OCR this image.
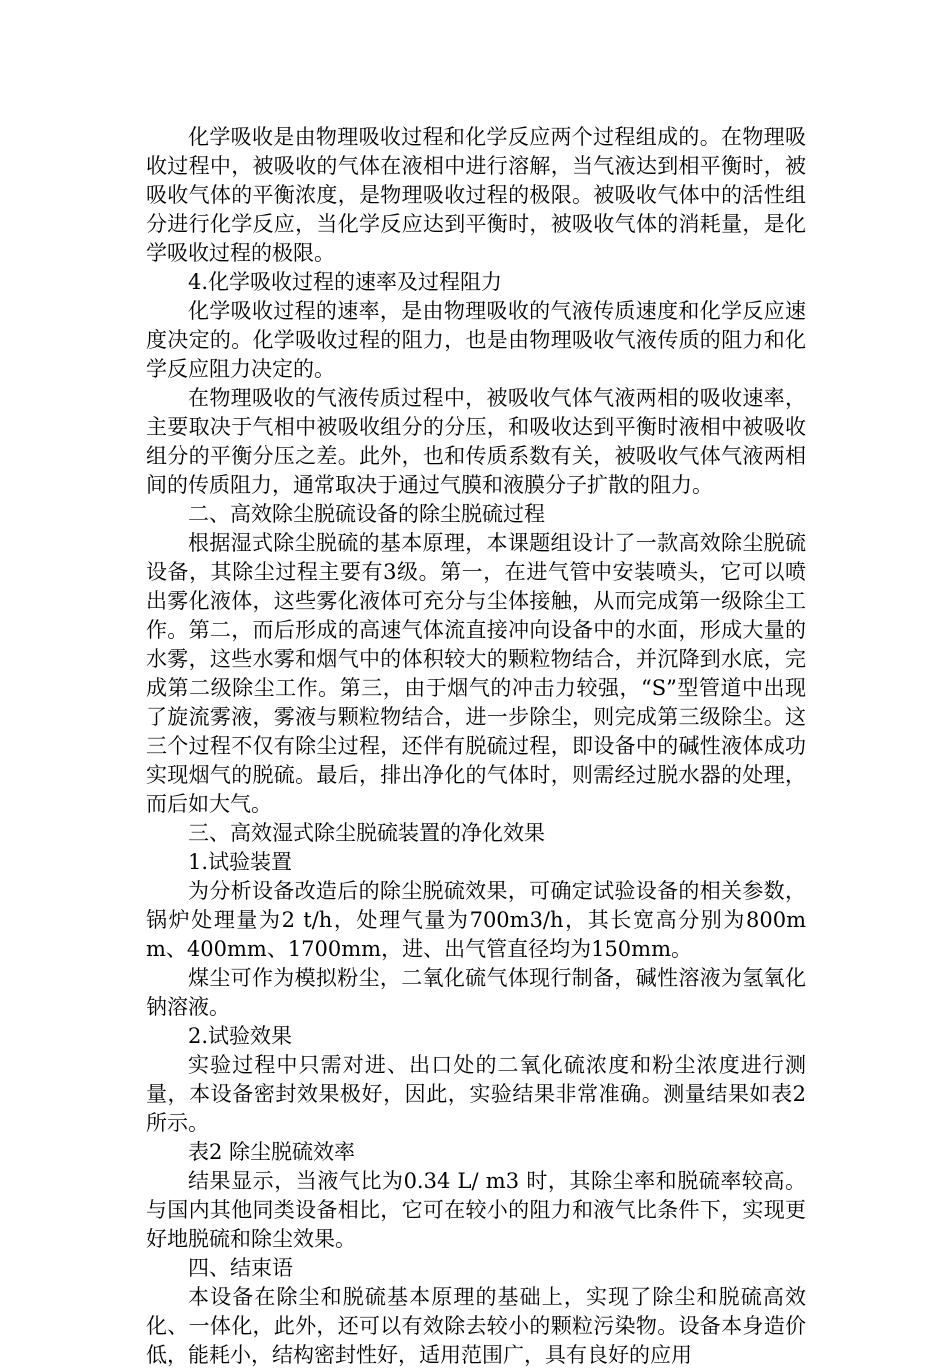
化学吸收是由物理吸收过程和化学反应两个过程组成的。在物理吸收过程中，被吸收的气体在液相中进行溶解，当气液达到相平衡时，被吸收气体的平衡浓度，是物理吸收过程的极限。被吸收气体中的活性组分进行化学反应，当化学反应达到平衡时，被吸收气体的消耗量，是化学吸收过程的极限。

4.化学吸收过程的速率及过程阻力

化学吸收过程的速率，是由物理吸收的气液传质速度和化学反应速度决定的。化学吸收过程的阻力，也是由物理吸收气液传质的阻力和化学反应阻力决定的。

在物理吸收的气液传质过程中，被吸收气体气液两相的吸收速率，主要取决于气相中被吸收组分的分压，和吸收达到平衡时液相中被吸收组分的平衡分压之差。此外，也和传质系数有关，被吸收气体气液两相间的传质阻力，通常取决于通过气膜和液膜分子扩散的阻力。

二、高效除尘脱硫设备的除尘脱硫过程

根据湿式除尘脱硫的基本原理，本课题组设计了一款高效除尘脱硫设备，其除尘过程主要有3级。第一，在进气管中安装喷头，它可以喷出雾化液体，这些雾化液体可充分与尘体接触，从而完成第一级除尘工作。第二，而后形成的高速气体流直接冲向设备中的水面，形成大量的水雾，这些水雾和烟气中的体积较大的颗粒物结合，并沉降到水底，完成第二级除尘工作。第三，由于烟气的冲击力较强，“S”型管道中出现了旋流雾液，雾液与颗粒物结合，进一步除尘，则完成第三级除尘。这三个过程不仅有除尘过程，还伴有脱硫过程，即设备中的碱性液体成功实现烟气的脱硫。最后，排出净化的气体时，则需经过脱水器的处理，而后如大气。

三、高效湿式除尘脱硫装置的净化效果

1.试验装置

为分析设备改造后的除尘脱硫效果，可确定试验设备的相关参数，锅炉处理量为2 t/h，处理气量为700m3/h，其长宽高分别为800mm、400mm、1700mm，进、出气管直径均为150mm。

煤尘可作为模拟粉尘，二氧化硫气体现行制备，碱性溶液为氢氧化钠溶液。

2.试验效果

实验过程中只需对进、出口处的二氧化硫浓度和粉尘浓度进行测量，本设备密封效果极好，因此，实验结果非常准确。测量结果如表2所示。

表2 除尘脱硫效率

结果显示，当液气比为0.34 L/ m3 时，其除尘率和脱硫率较高。与国内其他同类设备相比，它可在较小的阻力和液气比条件下，实现更好地脱硫和除尘效果。

四、结束语

本设备在除尘和脱硫基本原理的基础上，实现了除尘和脱硫高效化、一体化，此外，还可以有效除去较小的颗粒污染物。设备本身造价低，能耗小，结构密封性好，适用范围广，具有良好的应用
